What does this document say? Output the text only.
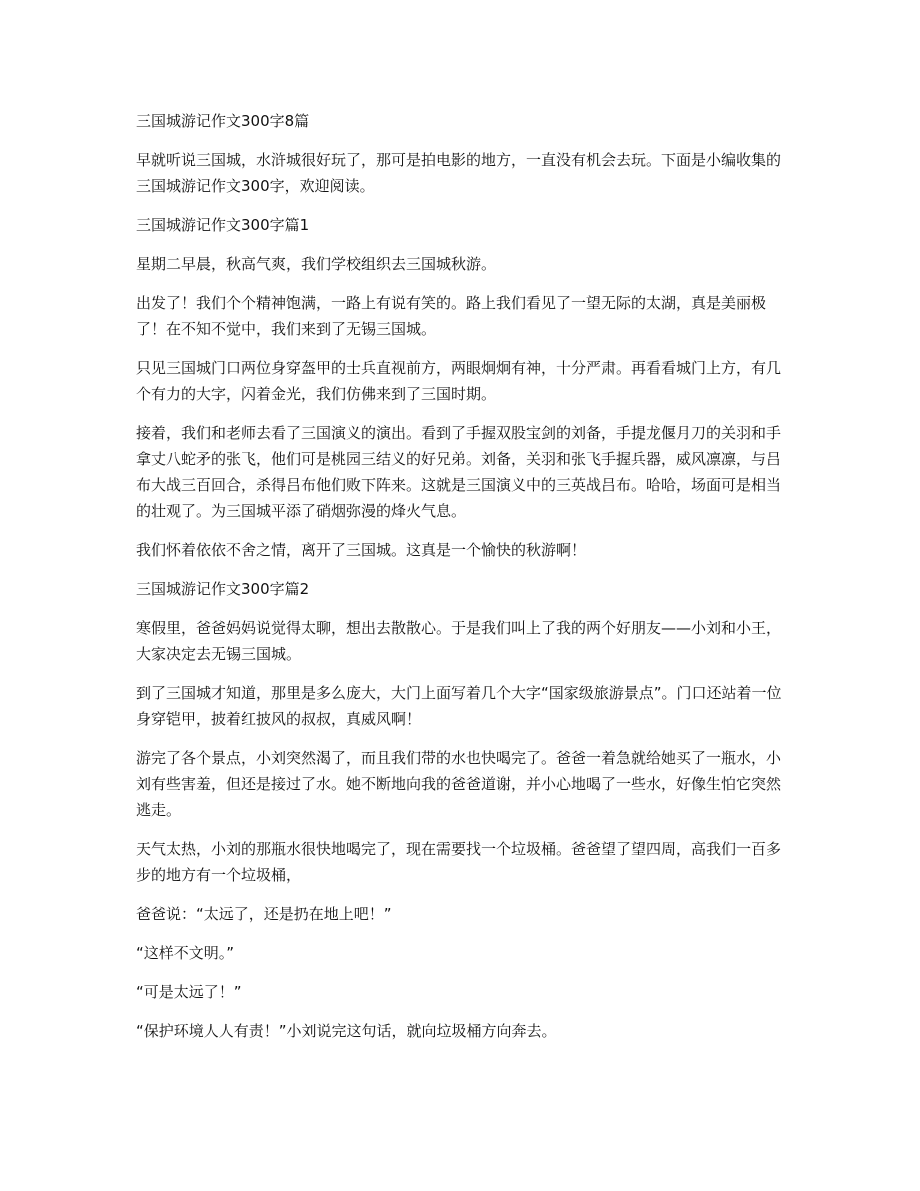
三国城游记作文300字8篇

早就听说三国城，水浒城很好玩了，那可是拍电影的地方，一直没有机会去玩。下面是小编收集的三国城游记作文300字，欢迎阅读。

三国城游记作文300字篇1

星期二早晨，秋高气爽，我们学校组织去三国城秋游。

出发了！我们个个精神饱满，一路上有说有笑的。路上我们看见了一望无际的太湖，真是美丽极了！在不知不觉中，我们来到了无锡三国城。

只见三国城门口两位身穿盔甲的士兵直视前方，两眼炯炯有神，十分严肃。再看看城门上方，有几个有力的大字，闪着金光，我们仿佛来到了三国时期。

接着，我们和老师去看了三国演义的演出。看到了手握双股宝剑的刘备，手提龙偃月刀的关羽和手拿丈八蛇矛的张飞，他们可是桃园三结义的好兄弟。刘备，关羽和张飞手握兵器，威风凛凛，与吕布大战三百回合，杀得吕布他们败下阵来。这就是三国演义中的三英战吕布。哈哈，场面可是相当的壮观了。为三国城平添了硝烟弥漫的烽火气息。

我们怀着依依不舍之情，离开了三国城。这真是一个愉快的秋游啊！

三国城游记作文300字篇2

寒假里，爸爸妈妈说觉得太聊，想出去散散心。于是我们叫上了我的两个好朋友——小刘和小王，大家决定去无锡三国城。

到了三国城才知道，那里是多么庞大，大门上面写着几个大字“国家级旅游景点”。门口还站着一位身穿铠甲，披着红披风的叔叔，真威风啊！

游完了各个景点，小刘突然渴了，而且我们带的水也快喝完了。爸爸一着急就给她买了一瓶水，小刘有些害羞，但还是接过了水。她不断地向我的爸爸道谢，并小心地喝了一些水，好像生怕它突然逃走。

天气太热，小刘的那瓶水很快地喝完了，现在需要找一个垃圾桶。爸爸望了望四周，高我们一百多步的地方有一个垃圾桶，

爸爸说：“太远了，还是扔在地上吧！”

“这样不文明。”

“可是太远了！”

“保护环境人人有责！”小刘说完这句话，就向垃圾桶方向奔去。
